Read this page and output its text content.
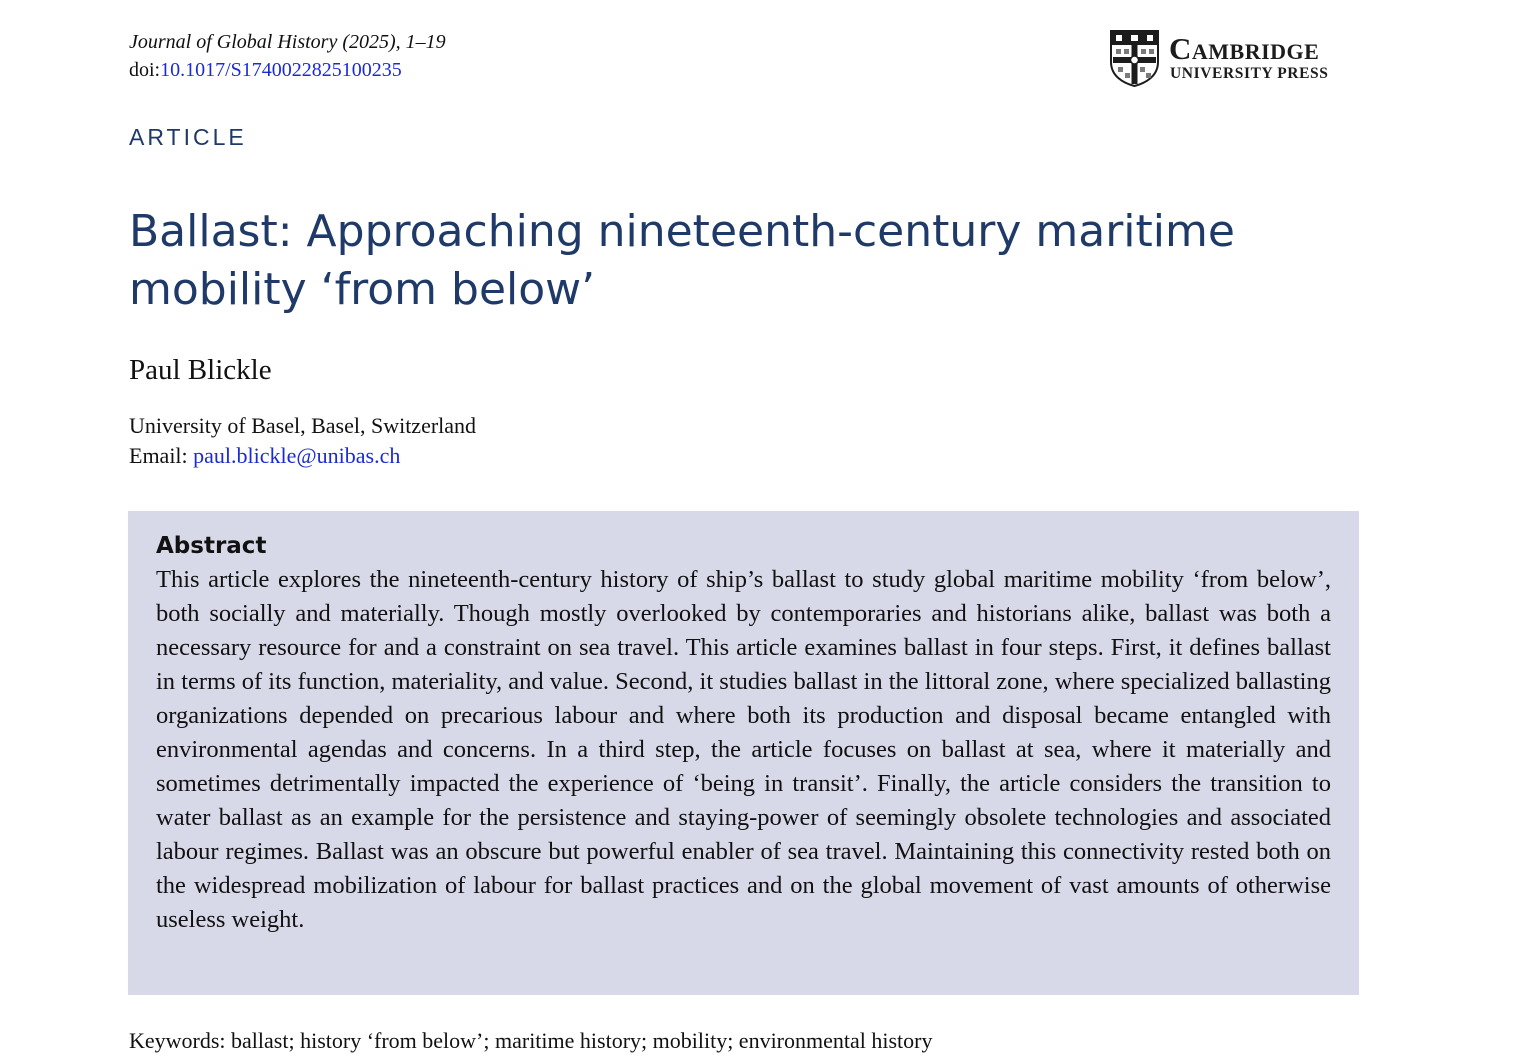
Journal of Global History (2025), 1–19
doi:10.1017/S1740022825100235
Cambridge
UNIVERSITY PRESS
ARTICLE
Ballast: Approaching nineteenth-century maritime mobility ‘from below’
Paul Blickle
University of Basel, Basel, Switzerland
Email: paul.blickle@unibas.ch
Abstract

This article explores the nineteenth-century history of ship’s ballast to study global maritime mobility ‘from below’, both socially and materially. Though mostly overlooked by contemporaries and historians alike, ballast was both a necessary resource for and a constraint on sea travel. This article examines ballast in four steps. First, it defines ballast in terms of its function, materiality, and value. Second, it studies ballast in the littoral zone, where specialized ballasting organizations depended on precarious labour and where both its production and disposal became entangled with environmental agendas and concerns. In a third step, the article focuses on ballast at sea, where it materially and sometimes detrimentally impacted the experience of ‘being in transit’. Finally, the article considers the transition to water ballast as an example for the persistence and staying-power of seemingly obsolete technologies and associated labour regimes. Ballast was an obscure but powerful enabler of sea travel. Maintaining this connectivity rested both on the widespread mobilization of labour for ballast practices and on the global movement of vast amounts of otherwise useless weight.

Keywords: ballast; history ‘from below’; maritime history; mobility; environmental history
